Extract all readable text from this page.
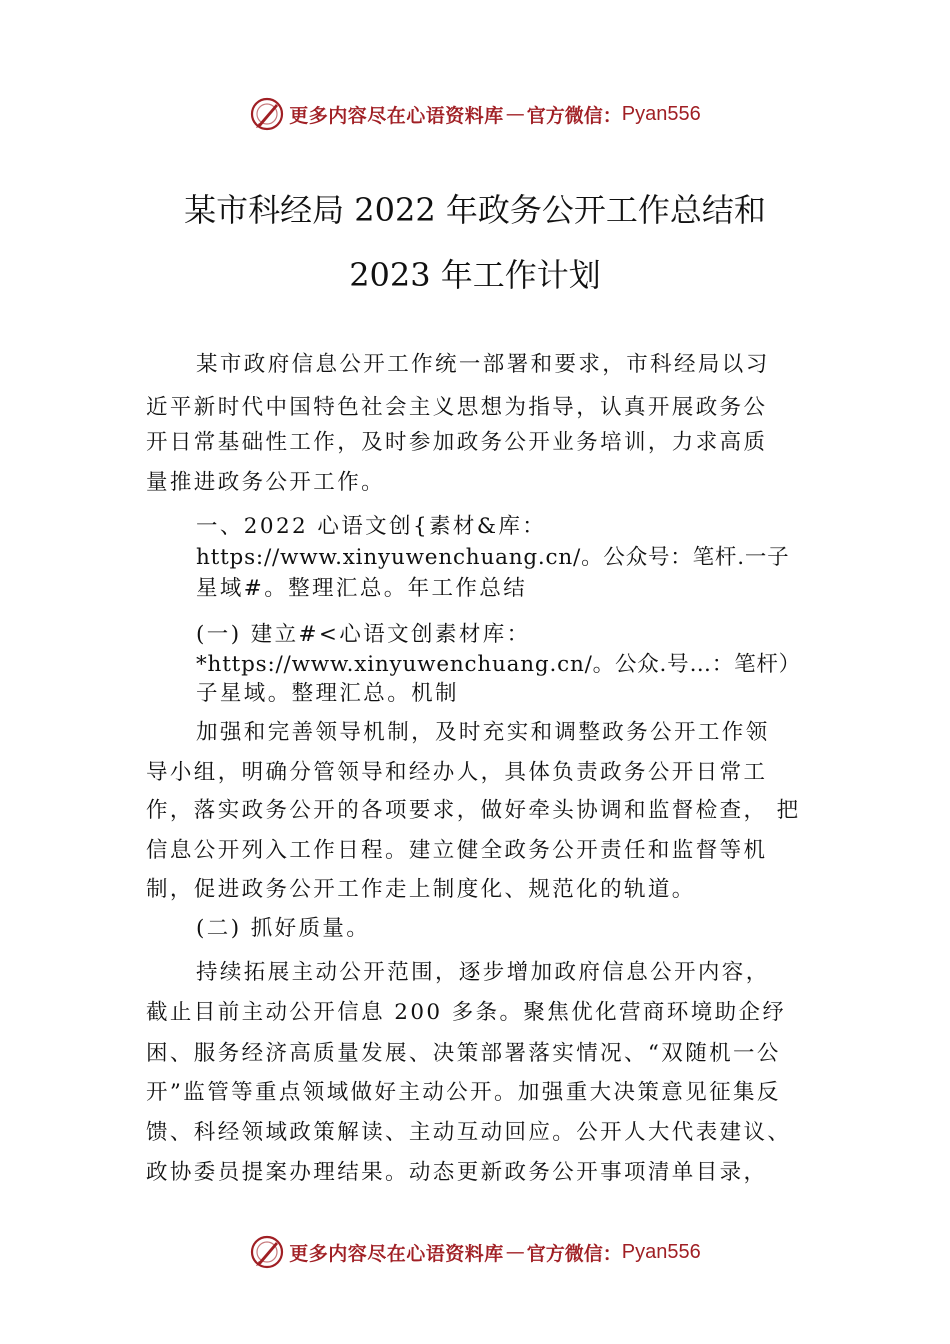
更多内容尽在心语资料库 — 官方微信： Pyan556
某市科经局 2022 年政务公开工作总结和
2023 年工作计划
某市政府信息公开工作统一部署和要求，市科经局以习
近平新时代中国特色社会主义思想为指导，认真开展政务公
开日常基础性工作，及时参加政务公开业务培训，力求高质
量推进政务公开工作。
一、2022 心语文创{素材&库：
https://www.xinyuwenchuang.cn/。公众号：笔杆.一子
星域#。整理汇总。年工作总结
(一) 建立#<心语文创素材库：
*https://www.xinyuwenchuang.cn/。公众.号…：笔杆）
子星域。整理汇总。机制
加强和完善领导机制，及时充实和调整政务公开工作领
导小组，明确分管领导和经办人，具体负责政务公开日常工
作，落实政务公开的各项要求，做好牵头协调和监督检查， 把
信息公开列入工作日程。建立健全政务公开责任和监督等机
制，促进政务公开工作走上制度化、规范化的轨道。
(二) 抓好质量。
持续拓展主动公开范围，逐步增加政府信息公开内容，
截止目前主动公开信息 200 多条。聚焦优化营商环境助企纾
困、服务经济高质量发展、决策部署落实情况、“双随机一公
开”监管等重点领域做好主动公开。加强重大决策意见征集反
馈、科经领域政策解读、主动互动回应。公开人大代表建议、
政协委员提案办理结果。动态更新政务公开事项清单目录，
更多内容尽在心语资料库 — 官方微信： Pyan556
